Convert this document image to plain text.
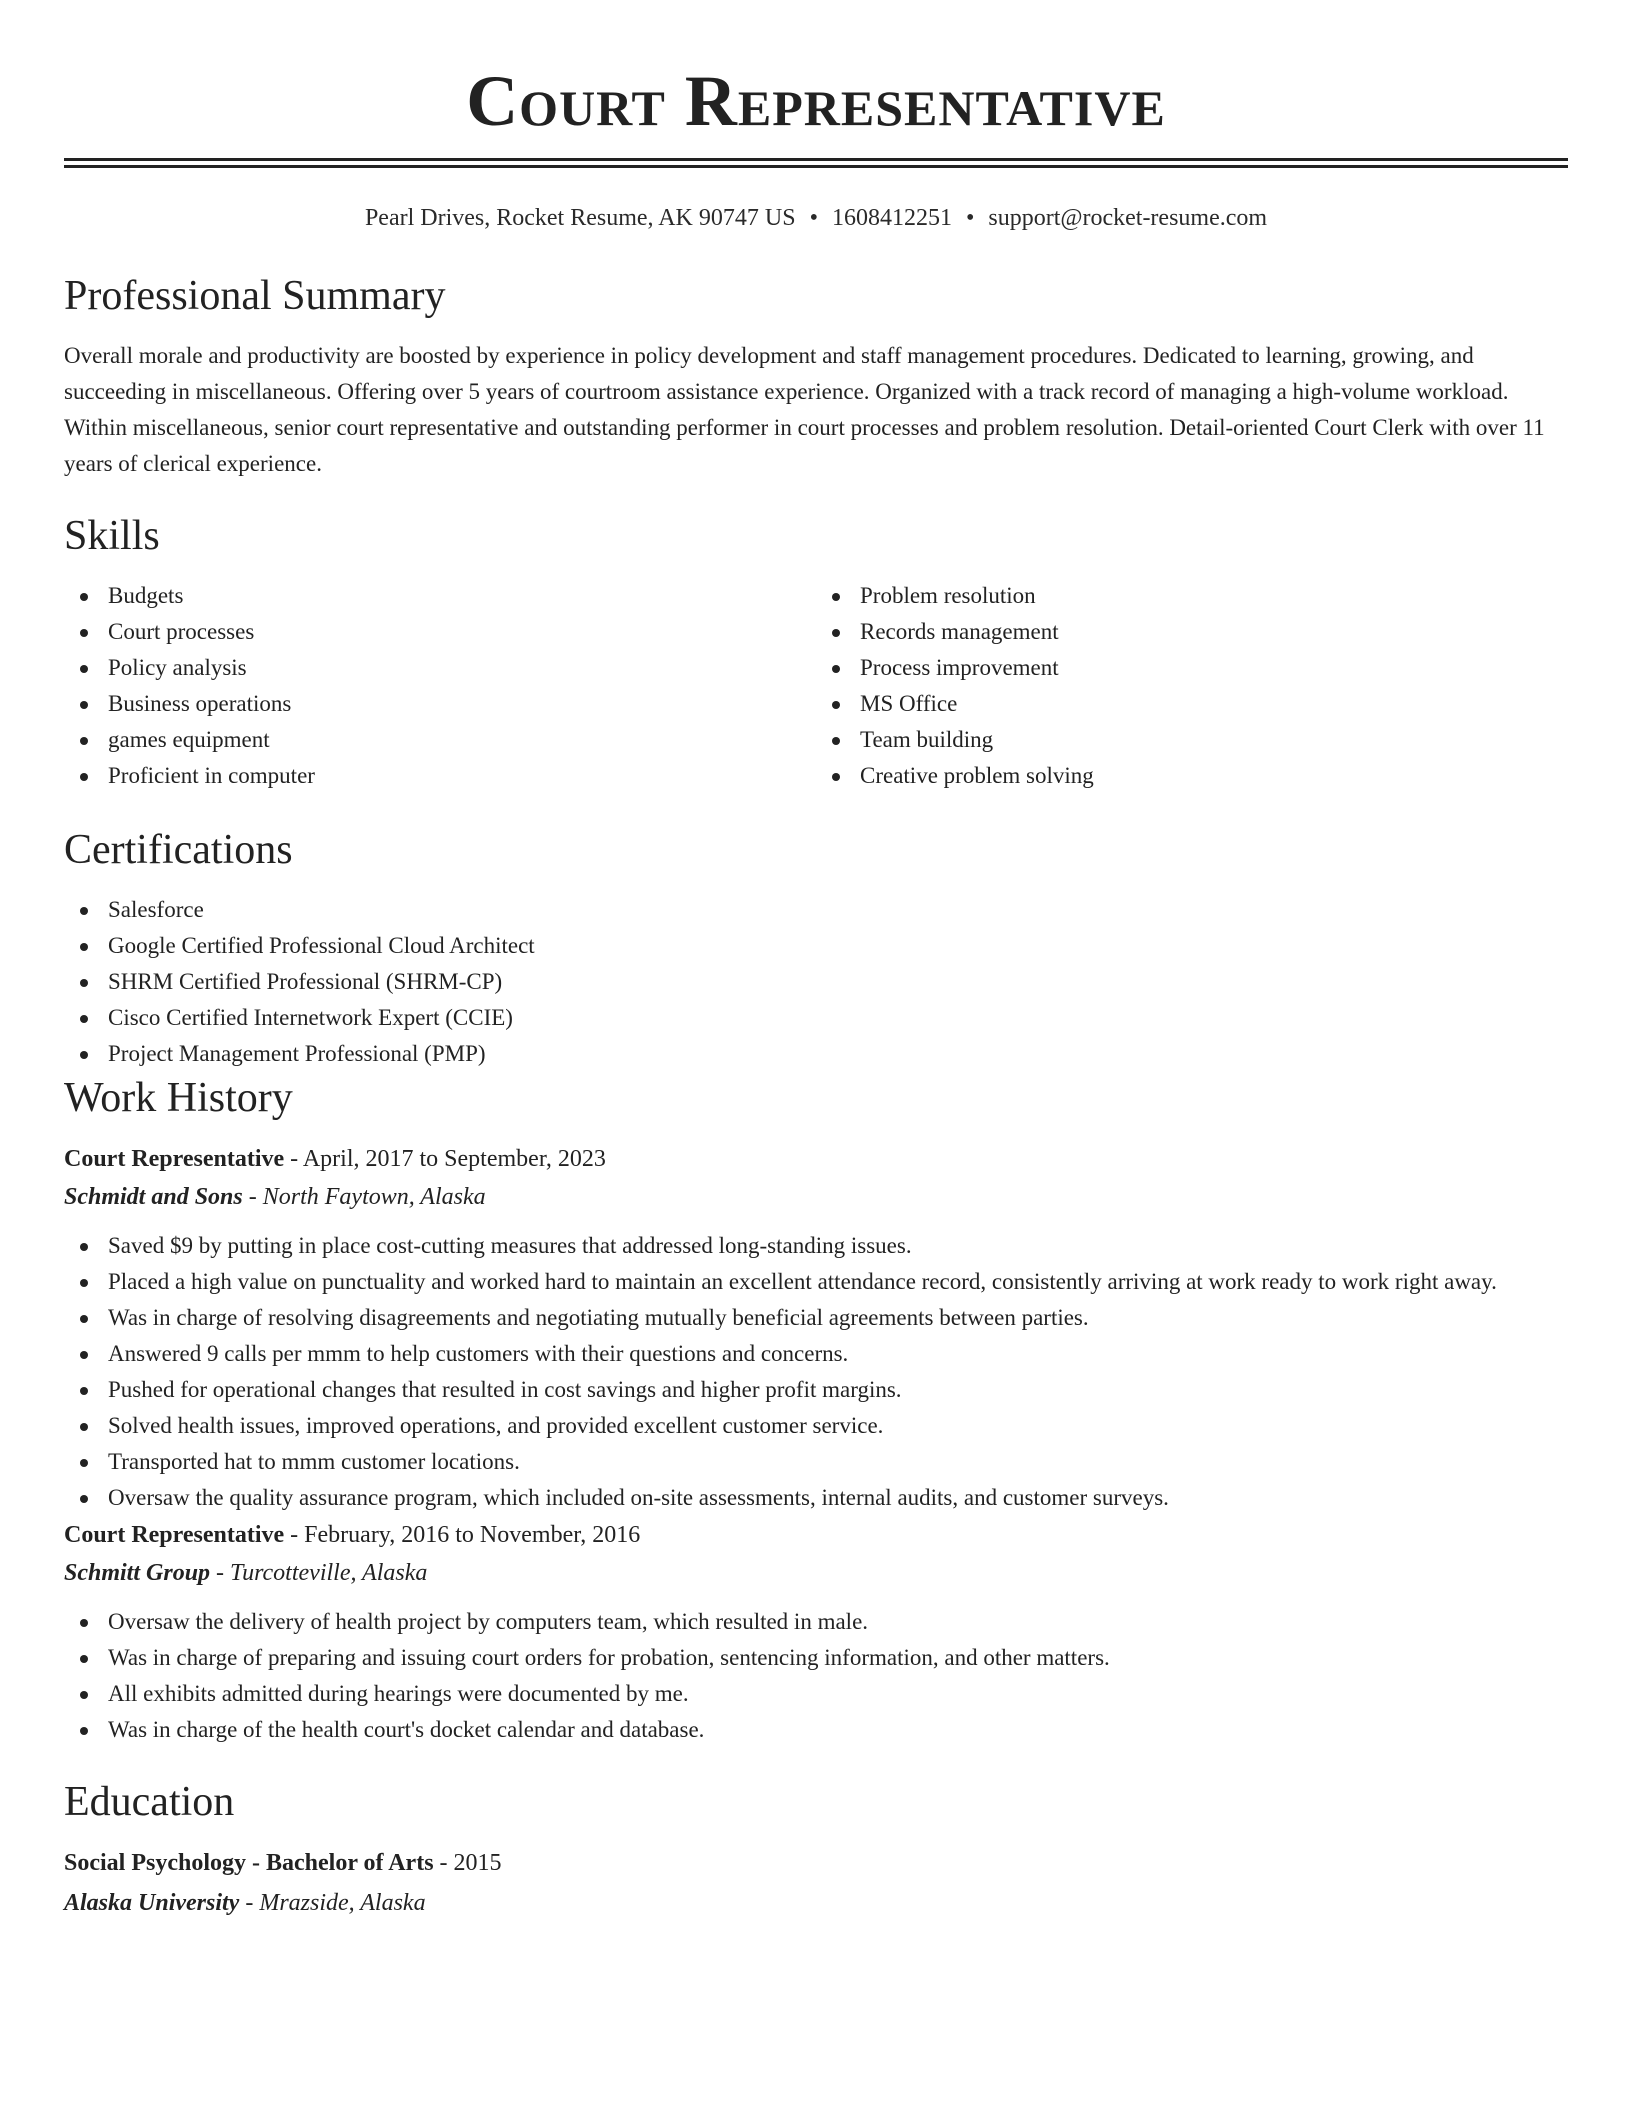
Court Representative
Pearl Drives, Rocket Resume, AK 90747 US • 1608412251 • support@rocket-resume.com
Professional Summary

Overall morale and productivity are boosted by experience in policy development and staff management procedures. Dedicated to learning, growing, and succeeding in miscellaneous. Offering over 5 years of courtroom assistance experience. Organized with a track record of managing a high-volume workload. Within miscellaneous, senior court representative and outstanding performer in court processes and problem resolution. Detail-oriented Court Clerk with over 11 years of clerical experience.

Skills
Budgets
Court processes
Policy analysis
Business operations
games equipment
Proficient in computer
Problem resolution
Records management
Process improvement
MS Office
Team building
Creative problem solving
Certifications
Salesforce
Google Certified Professional Cloud Architect
SHRM Certified Professional (SHRM-CP)
Cisco Certified Internetwork Expert (CCIE)
Project Management Professional (PMP)
Work History
Court Representative - April, 2017 to September, 2023
Schmidt and Sons - North Faytown, Alaska
Saved $9 by putting in place cost-cutting measures that addressed long-standing issues.
Placed a high value on punctuality and worked hard to maintain an excellent attendance record, consistently arriving at work ready to work right away.
Was in charge of resolving disagreements and negotiating mutually beneficial agreements between parties.
Answered 9 calls per mmm to help customers with their questions and concerns.
Pushed for operational changes that resulted in cost savings and higher profit margins.
Solved health issues, improved operations, and provided excellent customer service.
Transported hat to mmm customer locations.
Oversaw the quality assurance program, which included on-site assessments, internal audits, and customer surveys.
Court Representative - February, 2016 to November, 2016
Schmitt Group - Turcotteville, Alaska
Oversaw the delivery of health project by computers team, which resulted in male.
Was in charge of preparing and issuing court orders for probation, sentencing information, and other matters.
All exhibits admitted during hearings were documented by me.
Was in charge of the health court's docket calendar and database.
Education
Social Psychology - Bachelor of Arts - 2015
Alaska University - Mrazside, Alaska
